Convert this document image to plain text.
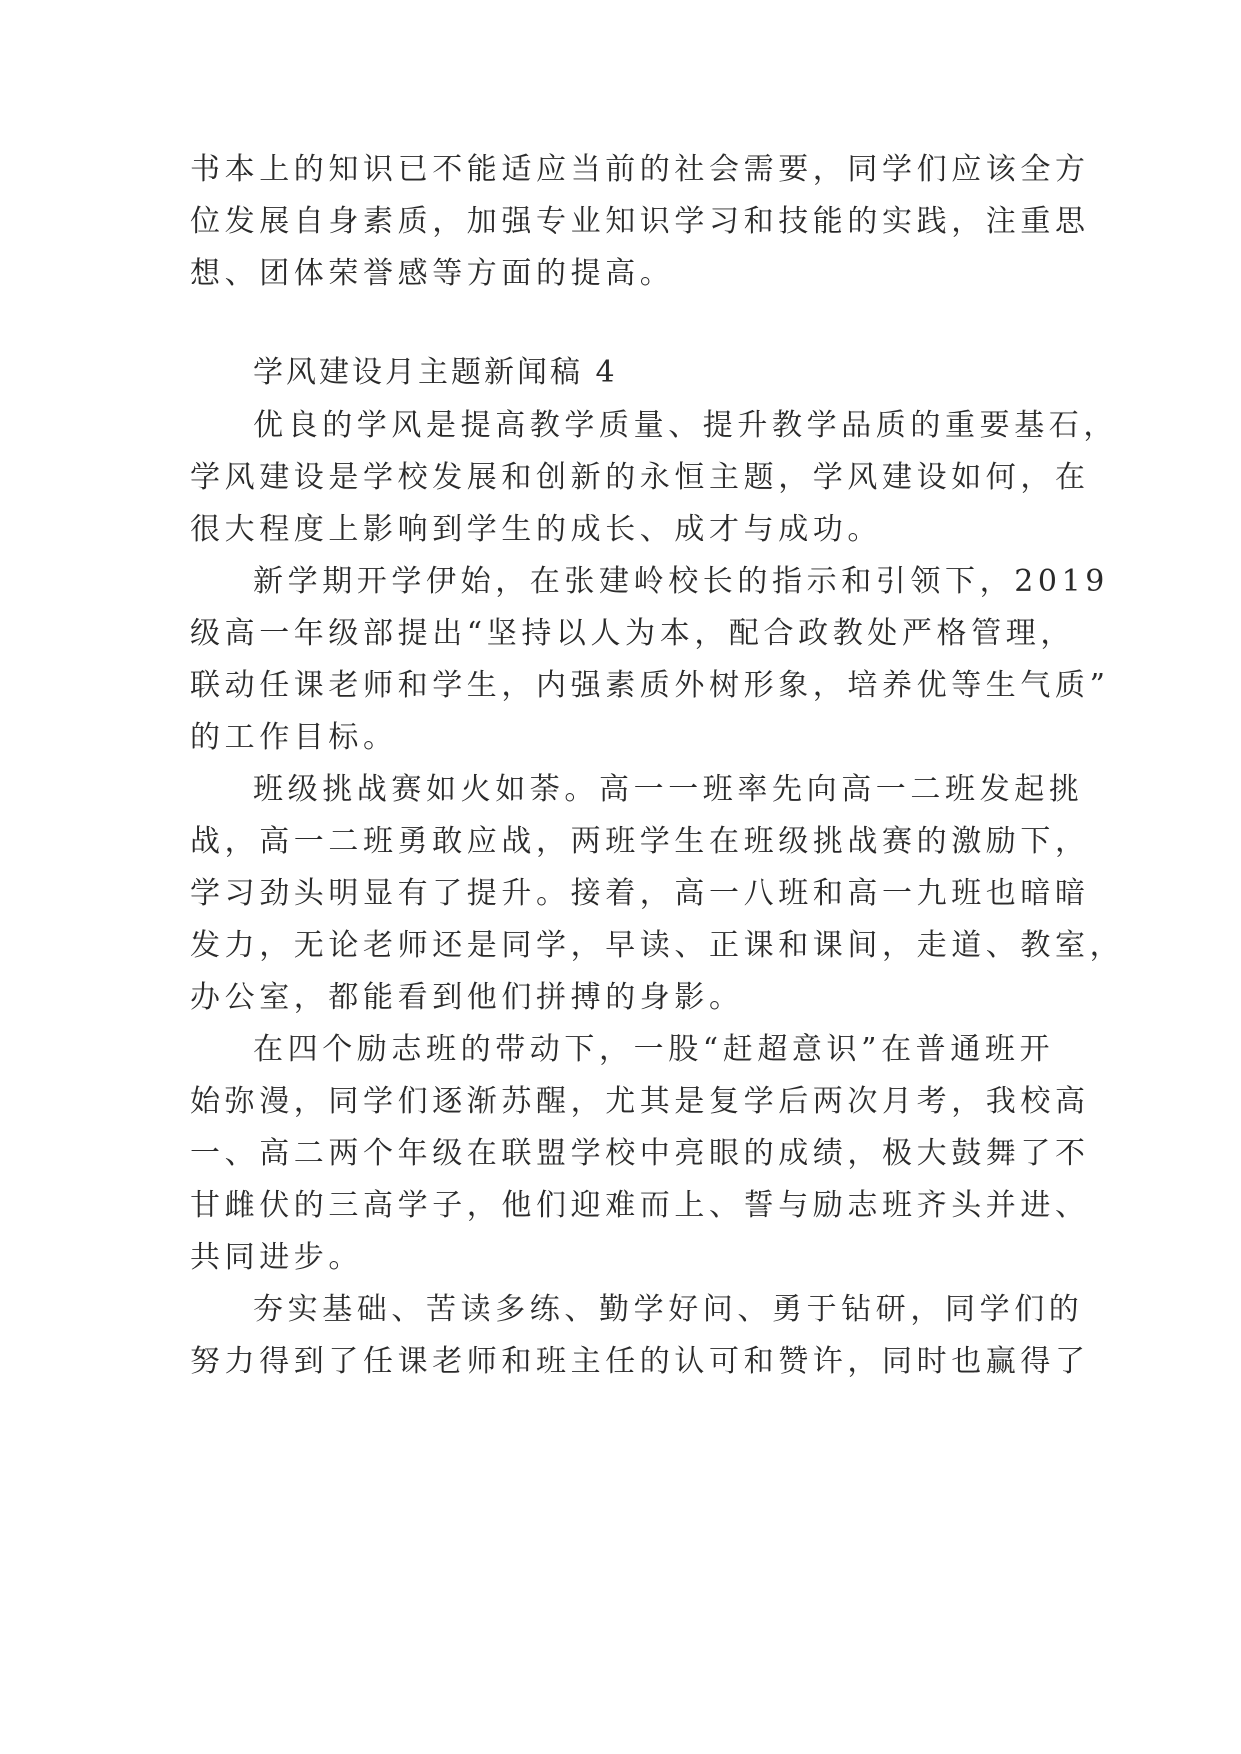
书本上的知识已不能适应当前的社会需要，同学们应该全方
位发展自身素质，加强专业知识学习和技能的实践，注重思
想、团体荣誉感等方面的提高。
学风建设月主题新闻稿 4
优良的学风是提高教学质量、提升教学品质的重要基石，
学风建设是学校发展和创新的永恒主题，学风建设如何，在
很大程度上影响到学生的成长、成才与成功。
新学期开学伊始，在张建岭校长的指示和引领下，2019
级高一年级部提出“坚持以人为本，配合政教处严格管理，
联动任课老师和学生，内强素质外树形象，培养优等生气质”
的工作目标。
班级挑战赛如火如荼。高一一班率先向高一二班发起挑
战，高一二班勇敢应战，两班学生在班级挑战赛的激励下，
学习劲头明显有了提升。接着，高一八班和高一九班也暗暗
发力，无论老师还是同学，早读、正课和课间，走道、教室，
办公室，都能看到他们拼搏的身影。
在四个励志班的带动下，一股“赶超意识”在普通班开
始弥漫，同学们逐渐苏醒，尤其是复学后两次月考，我校高
一、高二两个年级在联盟学校中亮眼的成绩，极大鼓舞了不
甘雌伏的三高学子，他们迎难而上、誓与励志班齐头并进、
共同进步。
夯实基础、苦读多练、勤学好问、勇于钻研，同学们的
努力得到了任课老师和班主任的认可和赞许，同时也赢得了
